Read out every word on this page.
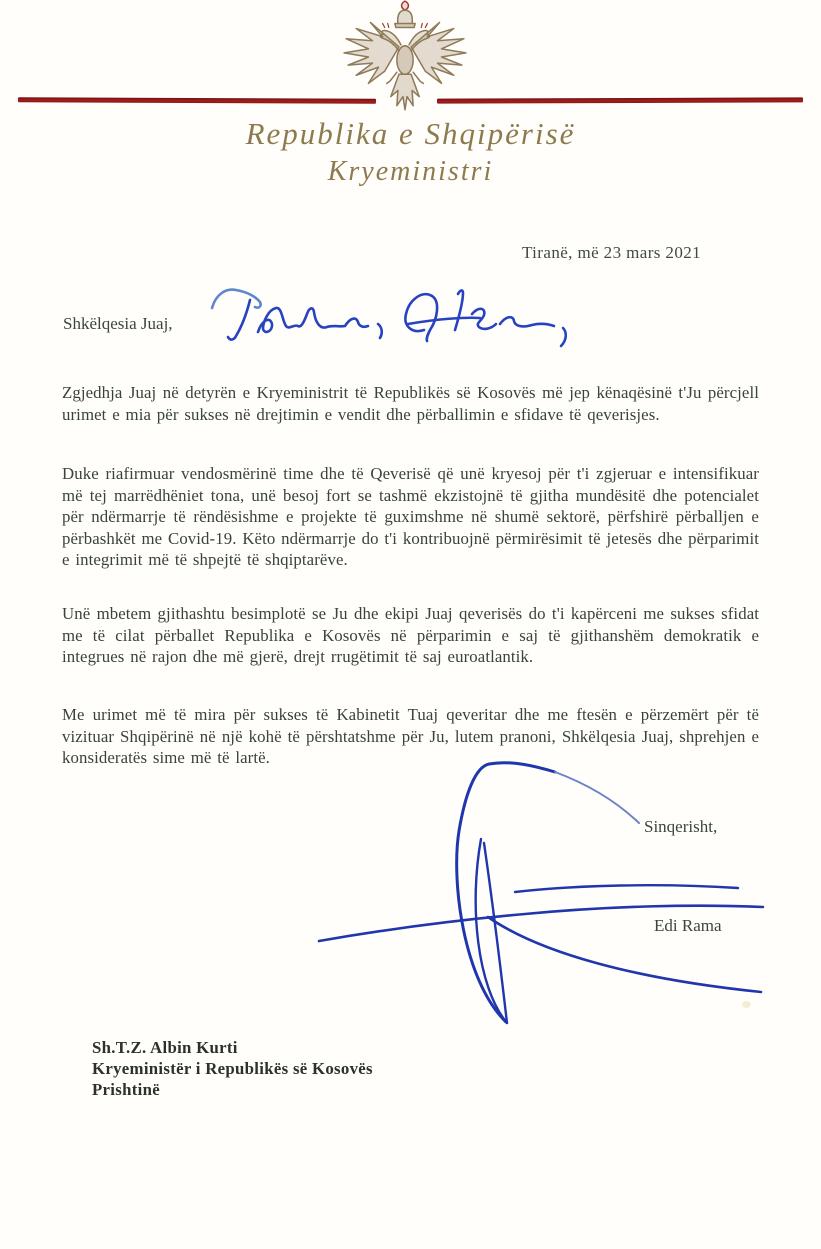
Republika e Shqipërisë
Kryeministri
Tiranë, më 23 mars 2021
Shkëlqesia Juaj,

Zgjedhja Juaj në detyrën e Kryeministrit të Republikës së Kosovës më jep kënaqësinë t'Ju përcjell urimet e mia për sukses në drejtimin e vendit dhe përballimin e sfidave të qeverisjes.

Duke riafirmuar vendosmërinë time dhe të Qeverisë që unë kryesoj për t'i zgjeruar e intensifikuar më tej marrëdhëniet tona, unë besoj fort se tashmë ekzistojnë të gjitha mundësitë dhe potencialet për ndërmarrje të rëndësishme e projekte të guximshme në shumë sektorë, përfshirë përballjen e përbashkët me Covid-19. Këto ndërmarrje do t'i kontribuojnë përmirësimit të jetesës dhe përparimit e integrimit më të shpejtë të shqiptarëve.

Unë mbetem gjithashtu besimplotë se Ju dhe ekipi Juaj qeverisës do t'i kapërceni me sukses sfidat me të cilat përballet Republika e Kosovës në përparimin e saj të gjithanshëm demokratik e integrues në rajon dhe më gjerë, drejt rrugëtimit të saj euroatlantik.

Me urimet më të mira për sukses të Kabinetit Tuaj qeveritar dhe me ftesën e përzemërt për të vizituar Shqipërinë në një kohë të përshtatshme për Ju, lutem pranoni, Shkëlqesia Juaj, shprehjen e konsideratës sime më të lartë.

Sinqerisht,
Edi Rama
Sh.T.Z. Albin Kurti
Kryeministër i Republikës së Kosovës
Prishtinë
